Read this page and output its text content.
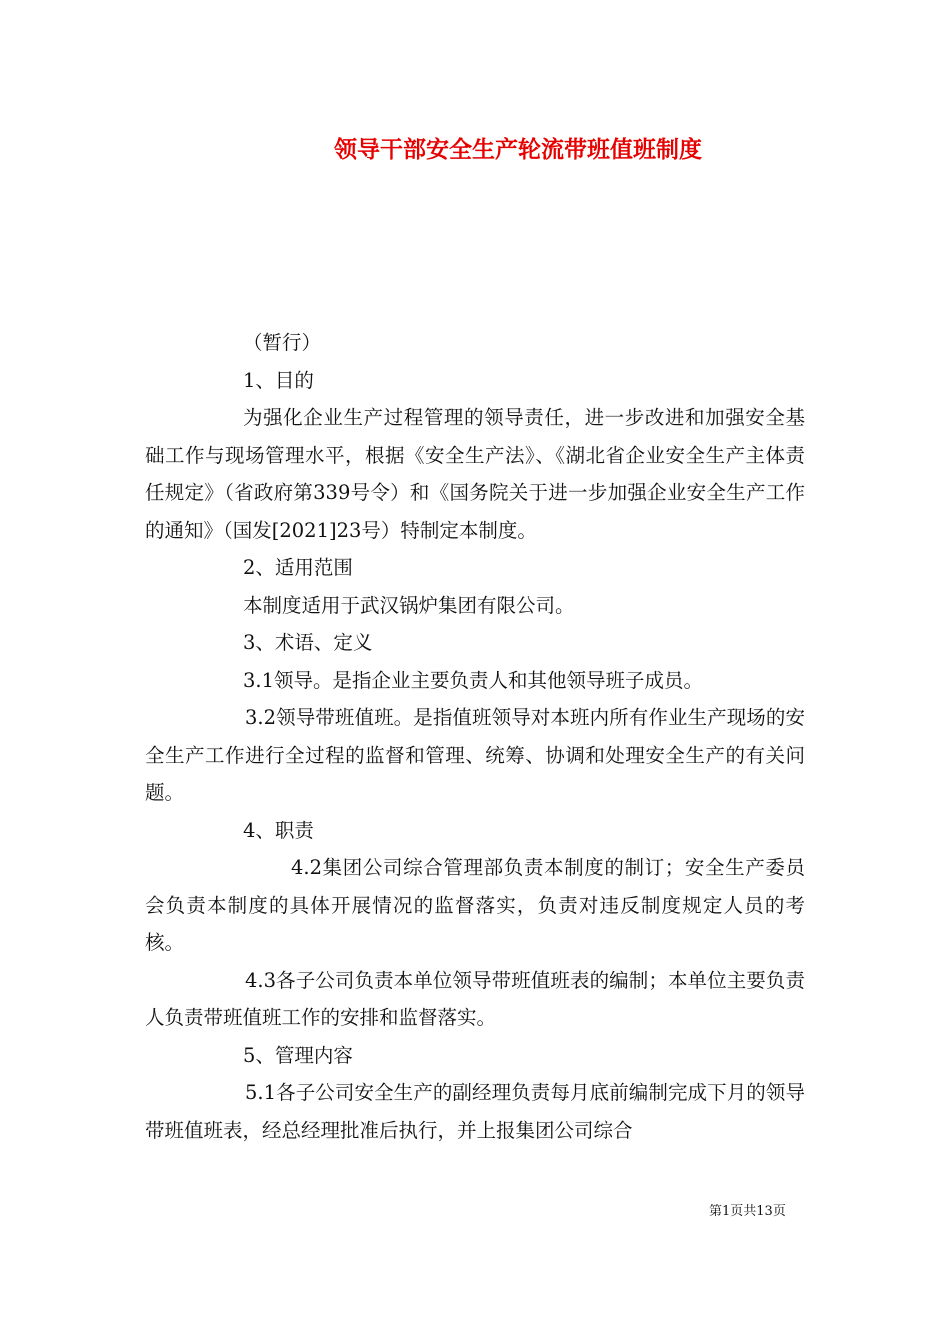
领导干部安全生产轮流带班值班制度

（暂行）

1、目的

为强化企业生产过程管理的领导责任，进一步改进和加强安全基础工作与现场管理水平，根据《安全生产法》、《湖北省企业安全生产主体责任规定》（省政府第339号令）和《国务院关于进一步加强企业安全生产工作的通知》（国发[2021]23号）特制定本制度。

2、适用范围

本制度适用于武汉锅炉集团有限公司。

3、术语、定义

3.1领导。是指企业主要负责人和其他领导班子成员。

3.2领导带班值班。是指值班领导对本班内所有作业生产现场的安全生产工作进行全过程的监督和管理、统筹、协调和处理安全生产的有关问题。

4、职责

4.2集团公司综合管理部负责本制度的制订；安全生产委员会负责本制度的具体开展情况的监督落实，负责对违反制度规定人员的考核。

4.3各子公司负责本单位领导带班值班表的编制；本单位主要负责人负责带班值班工作的安排和监督落实。

5、管理内容

5.1各子公司安全生产的副经理负责每月底前编制完成下月的领导带班值班表，经总经理批准后执行，并上报集团公司综合

第1页共13页
